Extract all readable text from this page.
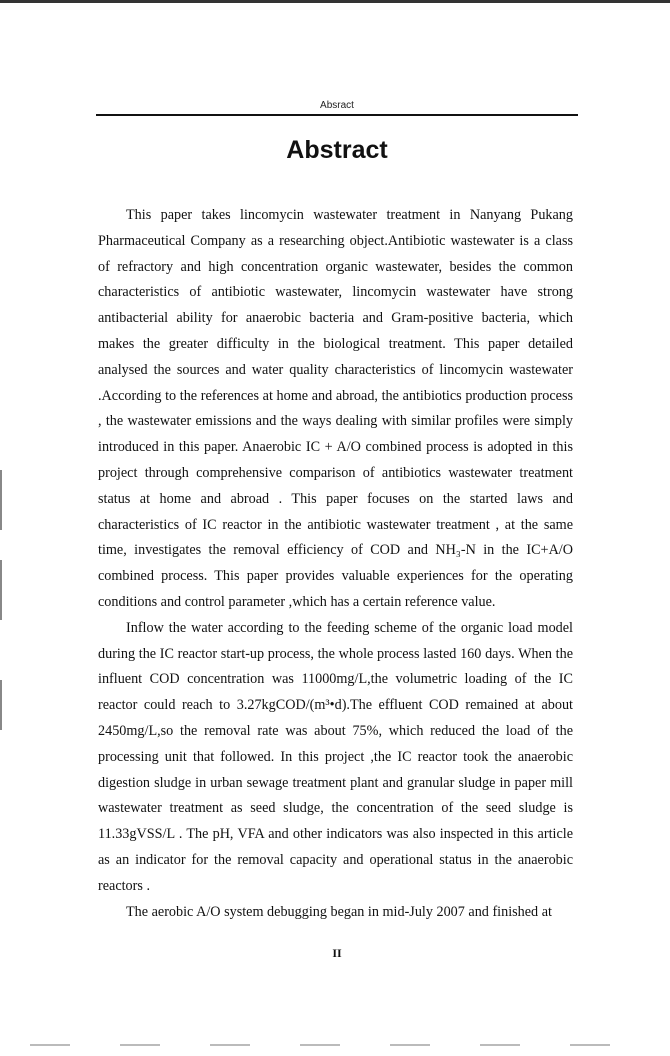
Absract
Abstract

This paper takes lincomycin wastewater treatment in Nanyang Pukang Pharmaceutical Company as a researching object.Antibiotic wastewater is a class of refractory and high concentration organic wastewater, besides the common characteristics of antibiotic wastewater, lincomycin wastewater have strong antibacterial ability for anaerobic bacteria and Gram-positive bacteria, which makes the greater difficulty in the biological treatment. This paper detailed analysed the sources and water quality characteristics of lincomycin wastewater .According to the references at home and abroad, the antibiotics production process , the wastewater emissions and the ways dealing with similar profiles were simply introduced in this paper. Anaerobic IC + A/O combined process is adopted in this project through comprehensive comparison of antibiotics wastewater treatment status at home and abroad . This paper focuses on the started laws and characteristics of IC reactor in the antibiotic wastewater treatment , at the same time, investigates the removal efficiency of COD and NH₃-N in the IC+A/O combined process. This paper provides valuable experiences for the operating conditions and control parameter ,which has a certain reference value.

Inflow the water according to the feeding scheme of the organic load model during the IC reactor start-up process, the whole process lasted 160 days. When the influent COD concentration was 11000mg/L,the volumetric loading of the IC reactor could reach to 3.27kgCOD/(m³•d).The effluent COD remained at about 2450mg/L,so the removal rate was about 75%, which reduced the load of the processing unit that followed. In this project ,the IC reactor took the anaerobic digestion sludge in urban sewage treatment plant and granular sludge in paper mill wastewater treatment as seed sludge, the concentration of the seed sludge is 11.33gVSS/L . The pH, VFA and other indicators was also inspected in this article as an indicator for the removal capacity and operational status in the anaerobic reactors .

The aerobic A/O system debugging began in mid-July 2007 and finished at

II
